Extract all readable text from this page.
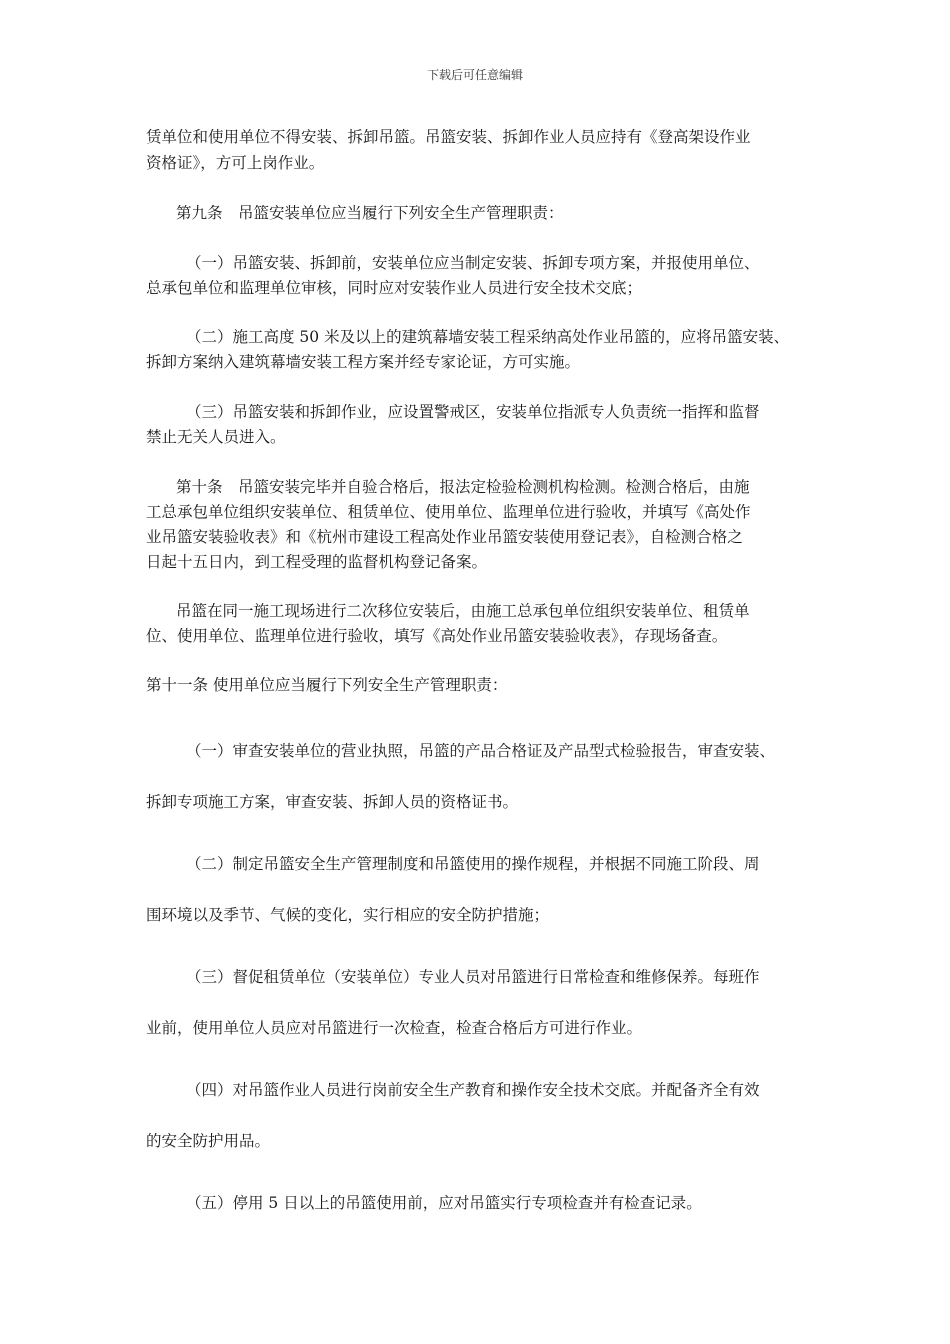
下载后可任意编辑
赁单位和使用单位不得安装、拆卸吊篮。吊篮安装、拆卸作业人员应持有《登高架设作业
资格证》，方可上岗作业。
第九条　吊篮安装单位应当履行下列安全生产管理职责：
（一）吊篮安装、拆卸前，安装单位应当制定安装、拆卸专项方案，并报使用单位、
总承包单位和监理单位审核，同时应对安装作业人员进行安全技术交底；
（二）施工高度 50 米及以上的建筑幕墙安装工程采纳高处作业吊篮的，应将吊篮安装、
拆卸方案纳入建筑幕墙安装工程方案并经专家论证，方可实施。
（三）吊篮安装和拆卸作业，应设置警戒区，安装单位指派专人负责统一指挥和监督
禁止无关人员进入。
第十条　吊篮安装完毕并自验合格后，报法定检验检测机构检测。检测合格后，由施
工总承包单位组织安装单位、租赁单位、使用单位、监理单位进行验收，并填写《高处作
业吊篮安装验收表》和《杭州市建设工程高处作业吊篮安装使用登记表》，自检测合格之
日起十五日内，到工程受理的监督机构登记备案。
吊篮在同一施工现场进行二次移位安装后，由施工总承包单位组织安装单位、租赁单
位、使用单位、监理单位进行验收，填写《高处作业吊篮安装验收表》，存现场备查。
第十一条 使用单位应当履行下列安全生产管理职责：
（一）审查安装单位的营业执照，吊篮的产品合格证及产品型式检验报告，审查安装、
拆卸专项施工方案，审查安装、拆卸人员的资格证书。
（二）制定吊篮安全生产管理制度和吊篮使用的操作规程，并根据不同施工阶段、周
围环境以及季节、气候的变化，实行相应的安全防护措施；
（三）督促租赁单位（安装单位）专业人员对吊篮进行日常检查和维修保养。每班作
业前，使用单位人员应对吊篮进行一次检查，检查合格后方可进行作业。
（四）对吊篮作业人员进行岗前安全生产教育和操作安全技术交底。并配备齐全有效
的安全防护用品。
（五）停用 5 日以上的吊篮使用前，应对吊篮实行专项检查并有检查记录。
